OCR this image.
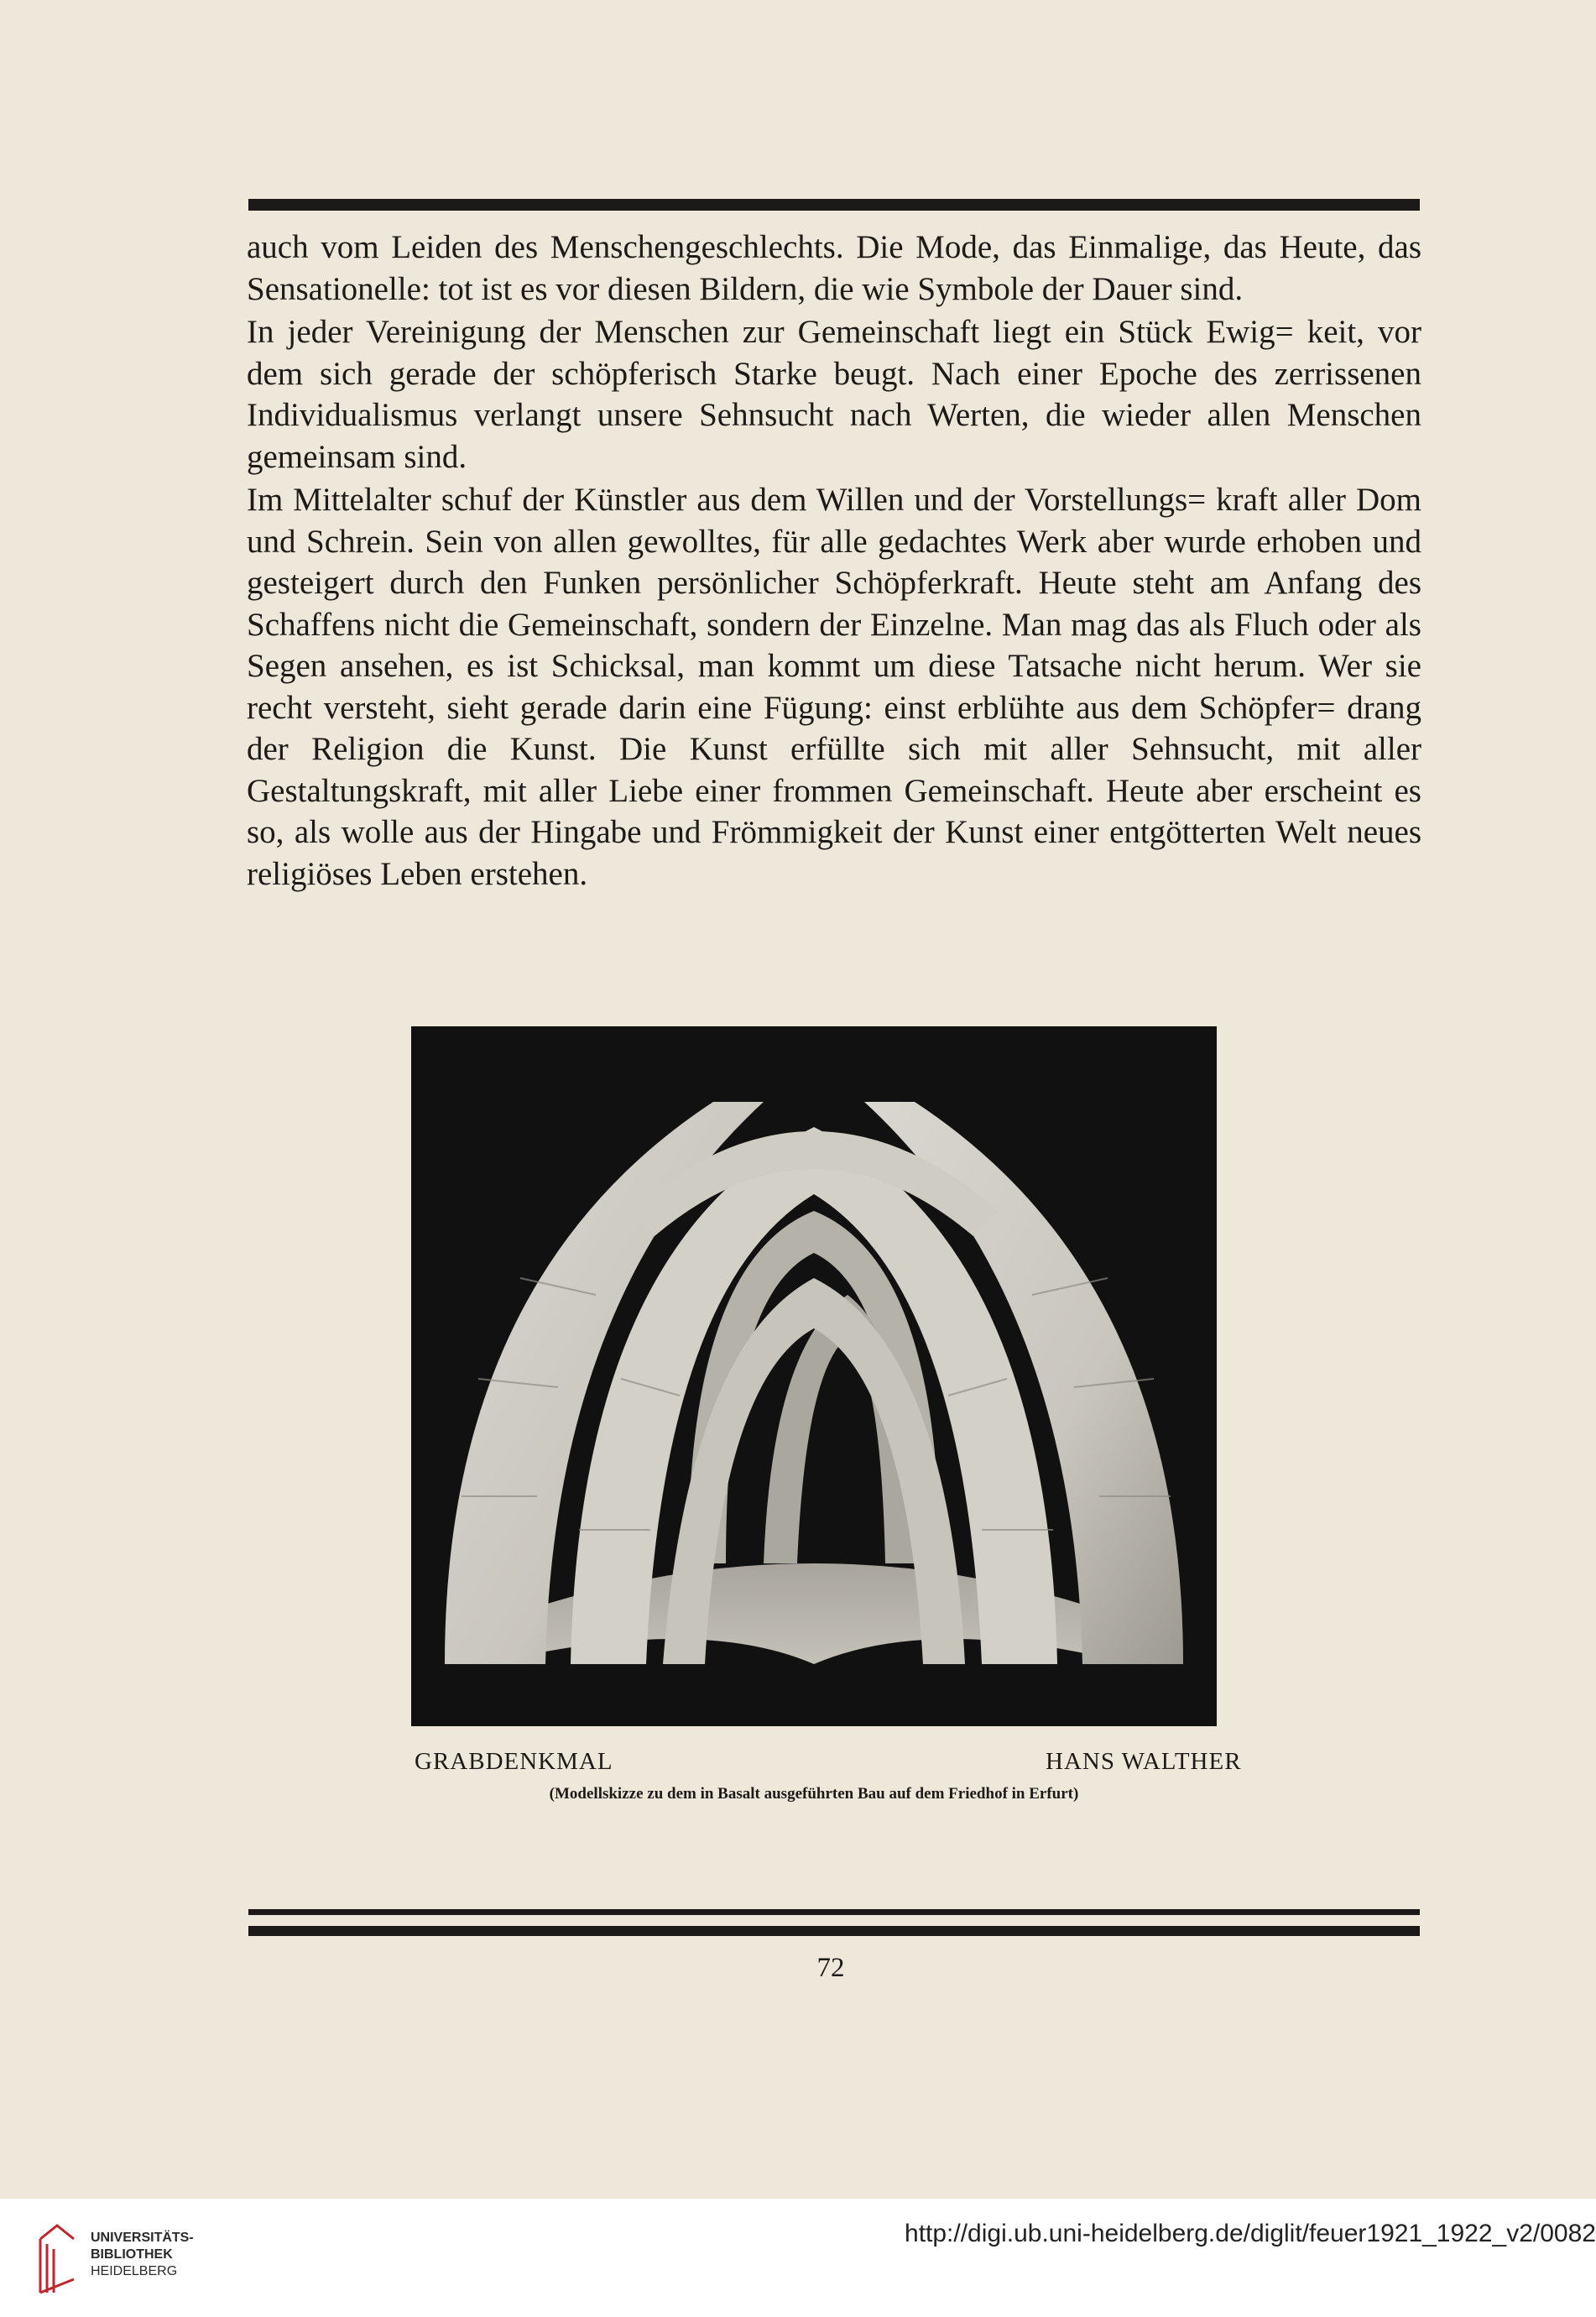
auch vom Leiden des Menschengeschlechts. Die Mode, das Einmalige, das Heute, das Sensationelle: tot ist es vor diesen Bildern, die wie Symbole der Dauer sind.

In jeder Vereinigung der Menschen zur Gemeinschaft liegt ein Stück Ewig= keit, vor dem sich gerade der schöpferisch Starke beugt. Nach einer Epoche des zerrissenen Individualismus verlangt unsere Sehnsucht nach Werten, die wieder allen Menschen gemeinsam sind.

Im Mittelalter schuf der Künstler aus dem Willen und der Vorstellungs= kraft aller Dom und Schrein. Sein von allen gewolltes, für alle gedachtes Werk aber wurde erhoben und gesteigert durch den Funken persönlicher Schöpferkraft. Heute steht am Anfang des Schaffens nicht die Gemeinschaft, sondern der Einzelne. Man mag das als Fluch oder als Segen ansehen, es ist Schicksal, man kommt um diese Tatsache nicht herum. Wer sie recht versteht, sieht gerade darin eine Fügung: einst erblühte aus dem Schöpfer= drang der Religion die Kunst. Die Kunst erfüllte sich mit aller Sehnsucht, mit aller Gestaltungskraft, mit aller Liebe einer frommen Gemeinschaft. Heute aber erscheint es so, als wolle aus der Hingabe und Frömmigkeit der Kunst einer entgötterten Welt neues religiöses Leben erstehen.

GRABDENKMAL	HANS WALTHER
(Modellskizze zu dem in Basalt ausgeführten Bau auf dem Friedhof in Erfurt)
72
UNIVERSITÄTS-
BIBLIOTHEK
HEIDELBERG
http://digi.ub.uni-heidelberg.de/diglit/feuer1921_1922_v2/0082
